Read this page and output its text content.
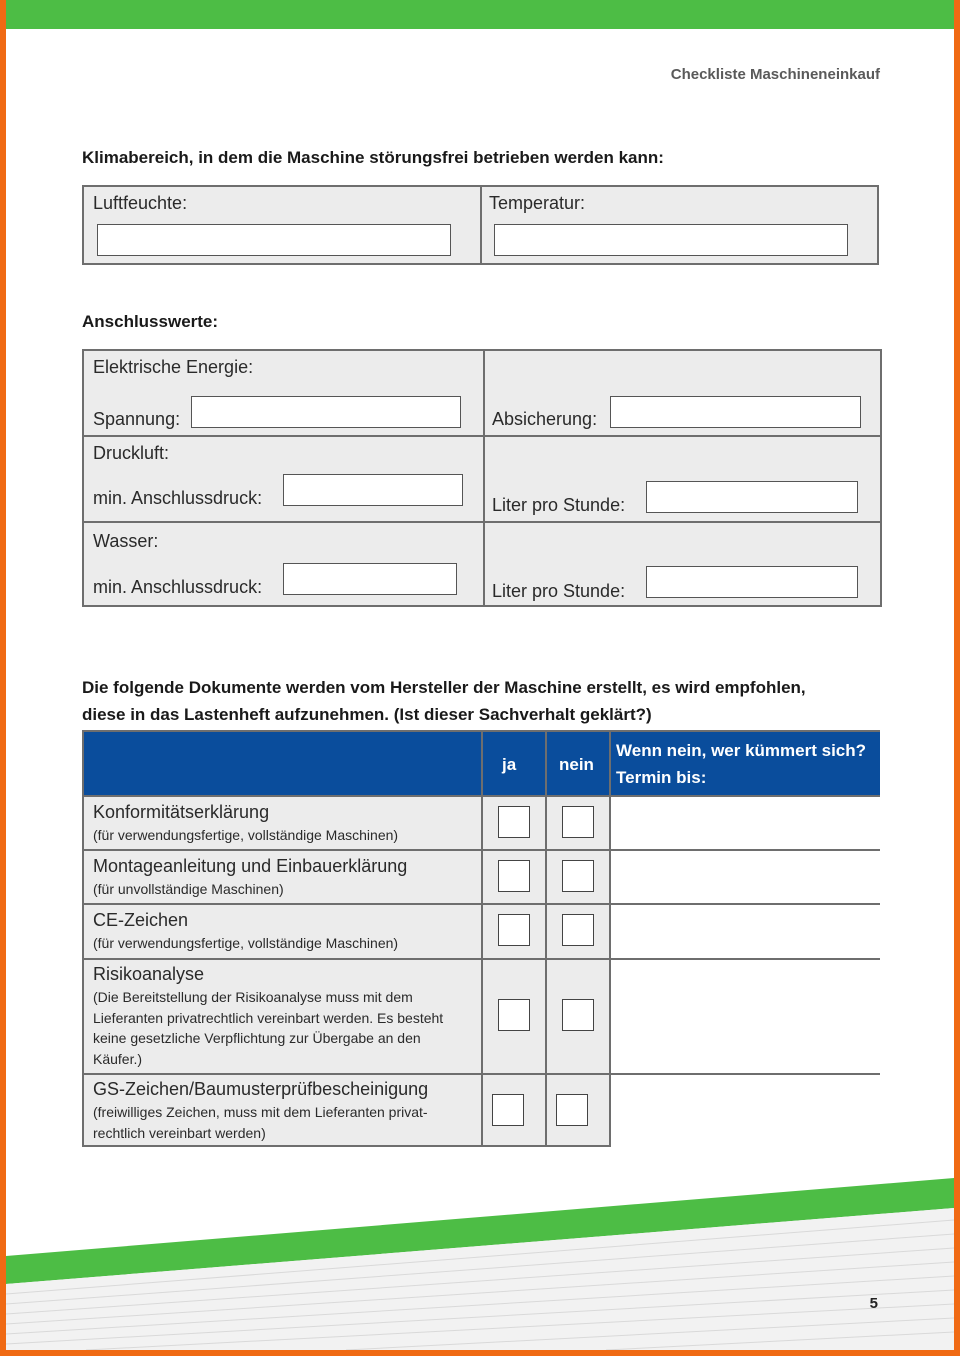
Checkliste Maschineneinkauf
Klimabereich, in dem die Maschine störungsfrei betrieben werden kann:
Luftfeuchte:	Temperatur:
Anschlusswerte:
Elektrische Energie:
Spannung:	Absicherung:
Druckluft:
min. Anschlussdruck:	Liter pro Stunde:
Wasser:
min. Anschlussdruck:	Liter pro Stunde:
Die folgende Dokumente werden vom Hersteller der Maschine erstellt, es wird empfohlen,
diese in das Lastenheft aufzunehmen. (Ist dieser Sachverhalt geklärt?)
ja	nein
Wenn nein, wer kümmert sich?
Termin bis:
Konformitätserklärung
(für verwendungsfertige, vollständige Maschinen)
Montageanleitung und Einbauerklärung
(für unvollständige Maschinen)
CE-Zeichen
(für verwendungsfertige, vollständige Maschinen)
Risikoanalyse
(Die Bereitstellung der Risikoanalyse muss mit dem
Lieferanten privatrechtlich vereinbart werden. Es besteht
keine gesetzliche Verpflichtung zur Übergabe an den
Käufer.)
GS-Zeichen/Baumusterprüfbescheinigung
(freiwilliges Zeichen, muss mit dem Lieferanten privat-
rechtlich vereinbart werden)
5
